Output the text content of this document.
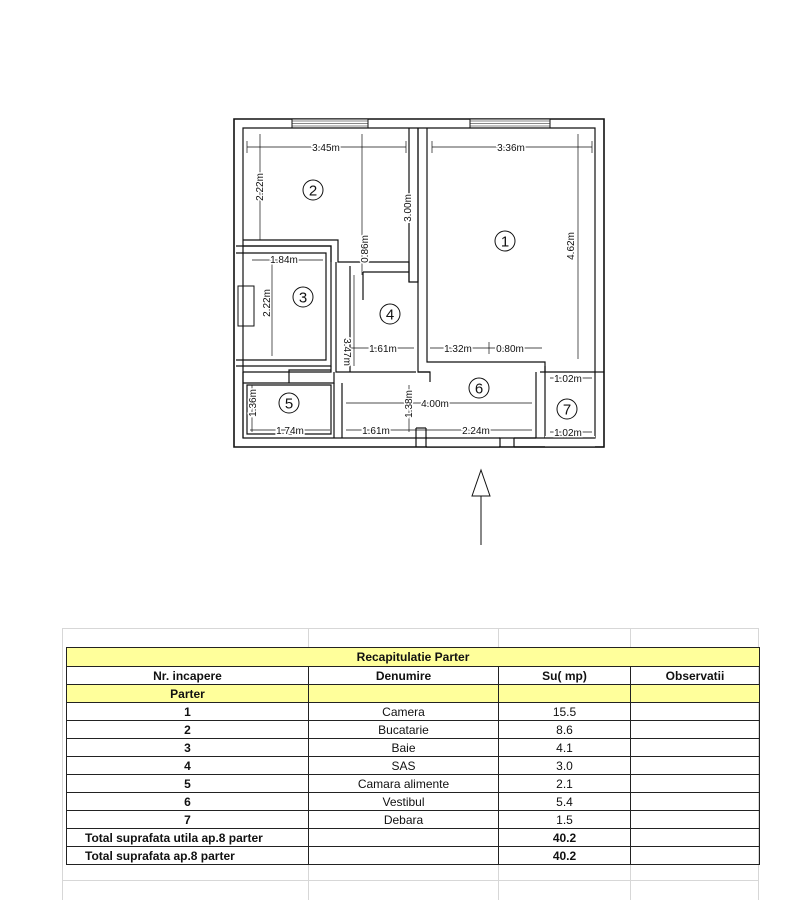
3.45m
2.22m
3.00m
3.36m
4.62m
1.84m
2.22m
0.86m
3.47m 1.61m	1.32m 0.80m
1.36m
1.74m
1.38m 4.00m
1.61m	2.24m
1.02m
1.02m
2
1
3
4
5
6
7
Recapitulatie Parter			
Nr. incapere	Denumire	Su( mp)	Observatii
Parter			
1	Camera	15.5	
2	Bucatarie	8.6	
3	Baie	4.1	
4	SAS	3.0	
5	Camara alimente	2.1	
6	Vestibul	5.4	
7	Debara	1.5	
Total suprafata utila ap.8 parter		40.2	
Total suprafata ap.8 parter		40.2	
